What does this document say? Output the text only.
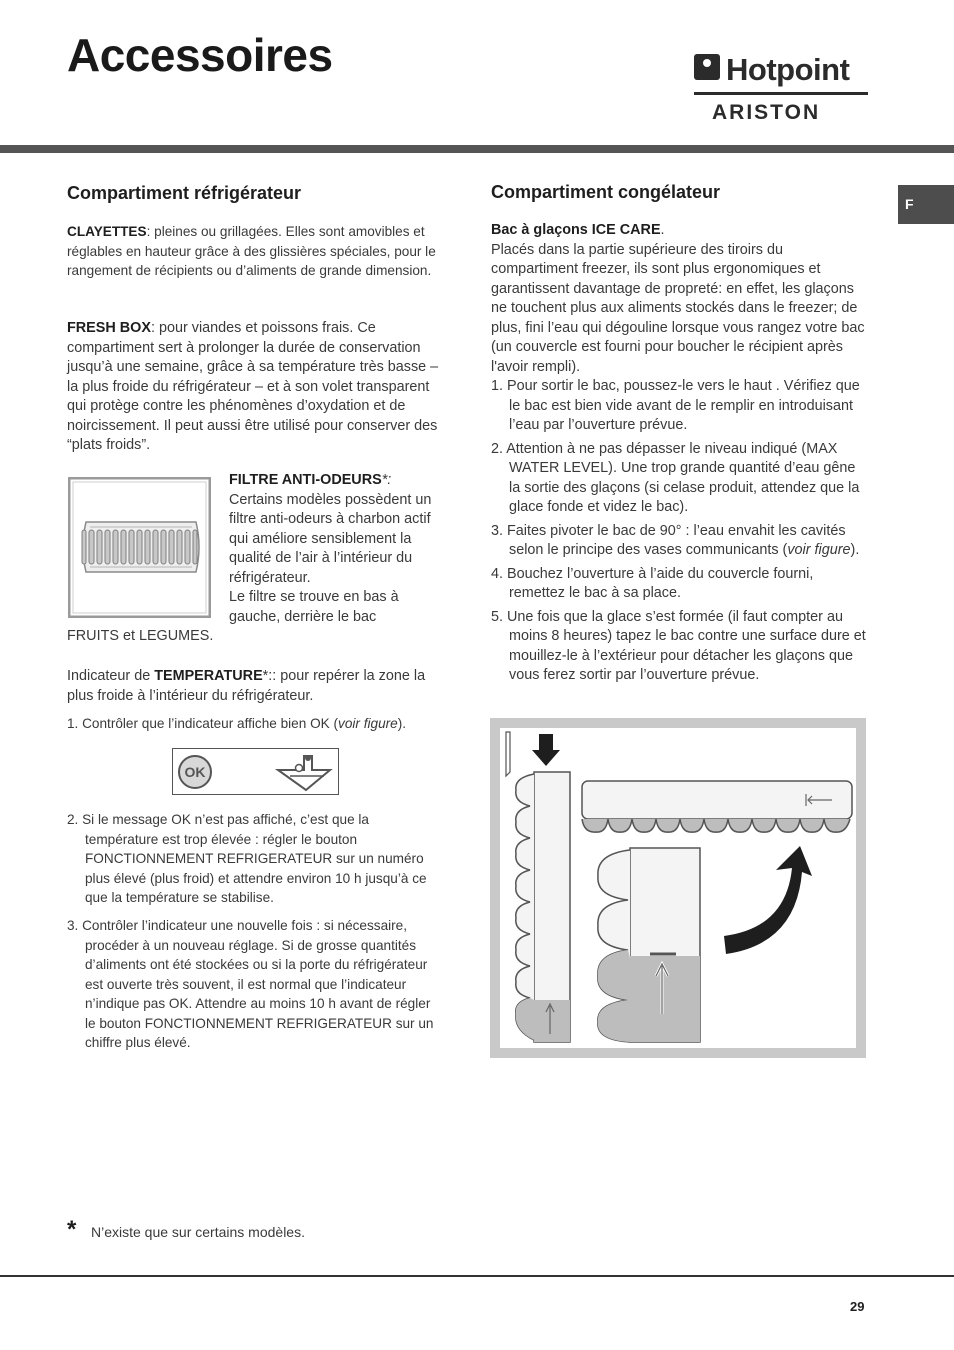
Accessoires	Hotpoint
ARISTON
F
Compartiment réfrigérateur
CLAYETTES: pleines ou grillagées. Elles sont amovibles et réglables en hauteur grâce à des glissières spéciales, pour le rangement de récipients ou d’aliments de grande dimension.
FRESH BOX: pour viandes et poissons frais. Ce compartiment sert à prolonger la durée de conservation jusqu’à une semaine, grâce à sa température très basse – la plus froide du réfrigérateur – et à son volet transparent qui protège contre les phénomènes d’oxydation et de noircissement. Il peut aussi être utilisé pour conserver des “plats froids”.
FILTRE ANTI-ODEURS*:
Certains modèles possèdent un filtre anti-odeurs à charbon actif qui améliore sensiblement la qualité de l’air à l’intérieur du réfrigérateur.
Le filtre se trouve en bas à gauche, derrière le bac
FRUITS et LEGUMES.
Indicateur de TEMPERATURE*:: pour repérer la zone la plus froide à l’intérieur du réfrigérateur.
1. Contrôler que l’indicateur affiche bien OK (voir figure).
OK
2. Si le message OK n’est pas affiché, c’est que la température est trop élevée : régler le bouton FONCTIONNEMENT REFRIGERATEUR sur un numéro plus élevé (plus froid) et attendre environ 10 h jusqu’à ce que la température se stabilise.
3. Contrôler l’indicateur une nouvelle fois : si nécessaire, procéder à un nouveau réglage. Si de grosse quantités d’aliments ont été stockées ou si la porte du réfrigérateur est ouverte très souvent, il est normal que l’indicateur n’indique pas OK. Attendre au moins 10 h avant de régler le bouton FONCTIONNEMENT REFRIGERATEUR sur un chiffre plus élevé.
Compartiment congélateur
Bac à glaçons ICE CARE.
Placés dans la partie supérieure des tiroirs du compartiment freezer, ils sont plus ergonomiques et garantissent davantage de propreté: en effet, les glaçons ne touchent plus aux aliments stockés dans le freezer; de plus, fini l’eau qui dégouline lorsque vous rangez votre bac (un couvercle est fourni pour boucher le récipient après l'avoir rempli).
1. Pour sortir le bac, poussez-le vers le haut . Vérifiez que le bac est bien vide avant de le remplir en introduisant l’eau par l’ouverture prévue.
2. Attention à ne pas dépasser le niveau indiqué (MAX WATER LEVEL). Une trop grande quantité d’eau gêne la sortie des glaçons (si celase produit, attendez que la glace fonde et videz le bac).
3. Faites pivoter le bac de 90° : l’eau envahit les cavités selon le principe des vases communicants (voir figure).
4. Bouchez l’ouverture à l’aide du couvercle fourni, remettez le bac à sa place.
5. Une fois que la glace s’est formée (il faut compter au moins 8 heures) tapez le bac contre une surface dure et mouillez-le à l’extérieur pour détacher les glaçons que vous ferez sortir par l’ouverture prévue.
* N’existe que sur certains modèles.
29
